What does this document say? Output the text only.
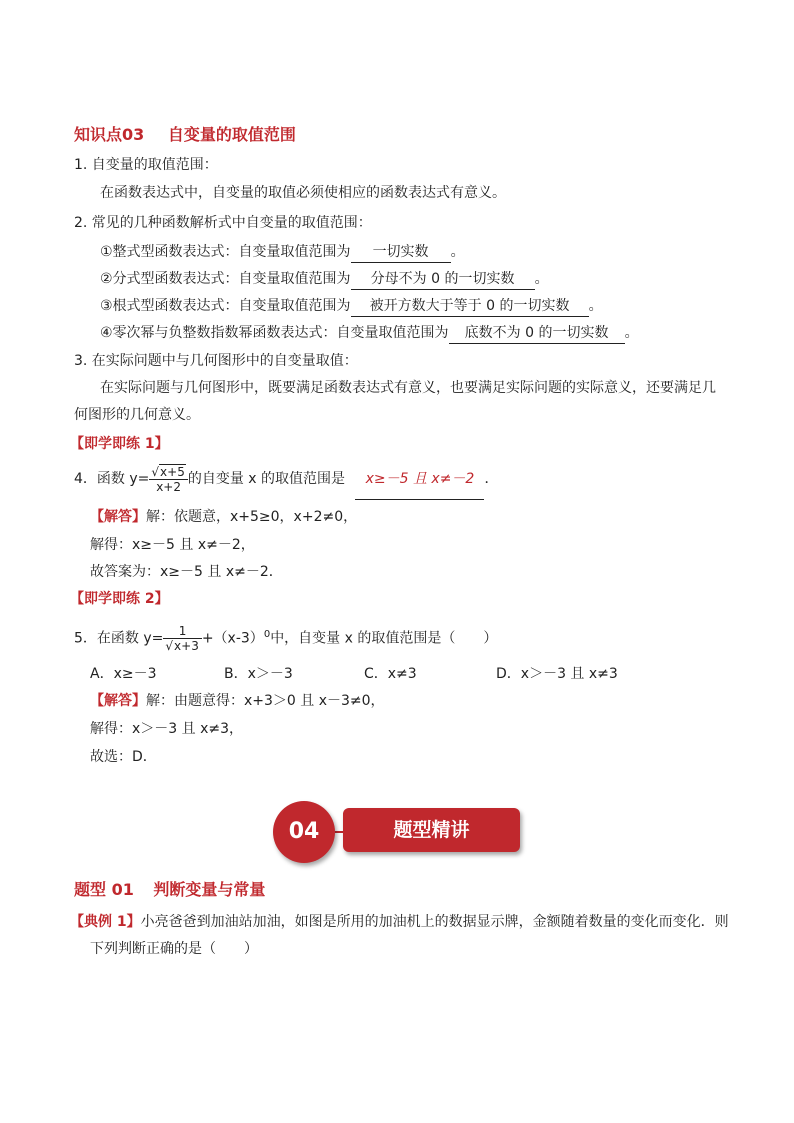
知识点03 自变量的取值范围
1. 自变量的取值范围：
在函数表达式中，自变量的取值必须使相应的函数表达式有意义。
2. 常见的几种函数解析式中自变量的取值范围：
①整式型函数表达式：自变量取值范围为 一切实数 。
②分式型函数表达式：自变量取值范围为 分母不为 0 的一切实数 。
③根式型函数表达式：自变量取值范围为 被开方数大于等于 0 的一切实数 。
④零次幂与负整数指数幂函数表达式：自变量取值范围为 底数不为 0 的一切实数 。
3. 在实际问题中与几何图形中的自变量取值：
在实际问题与几何图形中，既要满足函数表达式有意义，也要满足实际问题的实际意义，还要满足几
何图形的几何意义。
【即学即练 1】
4．函数 $y= \frac{√x+5}{x+2}$ 的自变量 x 的取值范围是 x≥－5 且 x≠－2 ．
【解答】解：依题意，x+5≥0，x+2≠0，
解得：x≥－5 且 x≠－2，
故答案为：x≥－5 且 x≠－2．
【即学即练 2】
5．在函数 $y= \frac{1}{√x+3} +(x-3)^0$中，自变量 x 的取值范围是（　　）
A．x≥－3	B．x＞－3	C．x≠3	D．x＞－3 且 x≠3
【解答】解：由题意得：x+3＞0 且 x－3≠0，
解得：x＞－3 且 x≠3，
故选：D．
04	题型精讲
题型 01 判断变量与常量
【典例 1】小亮爸爸到加油站加油，如图是所用的加油机上的数据显示牌，金额随着数量的变化而变化．则
下列判断正确的是（　　）
